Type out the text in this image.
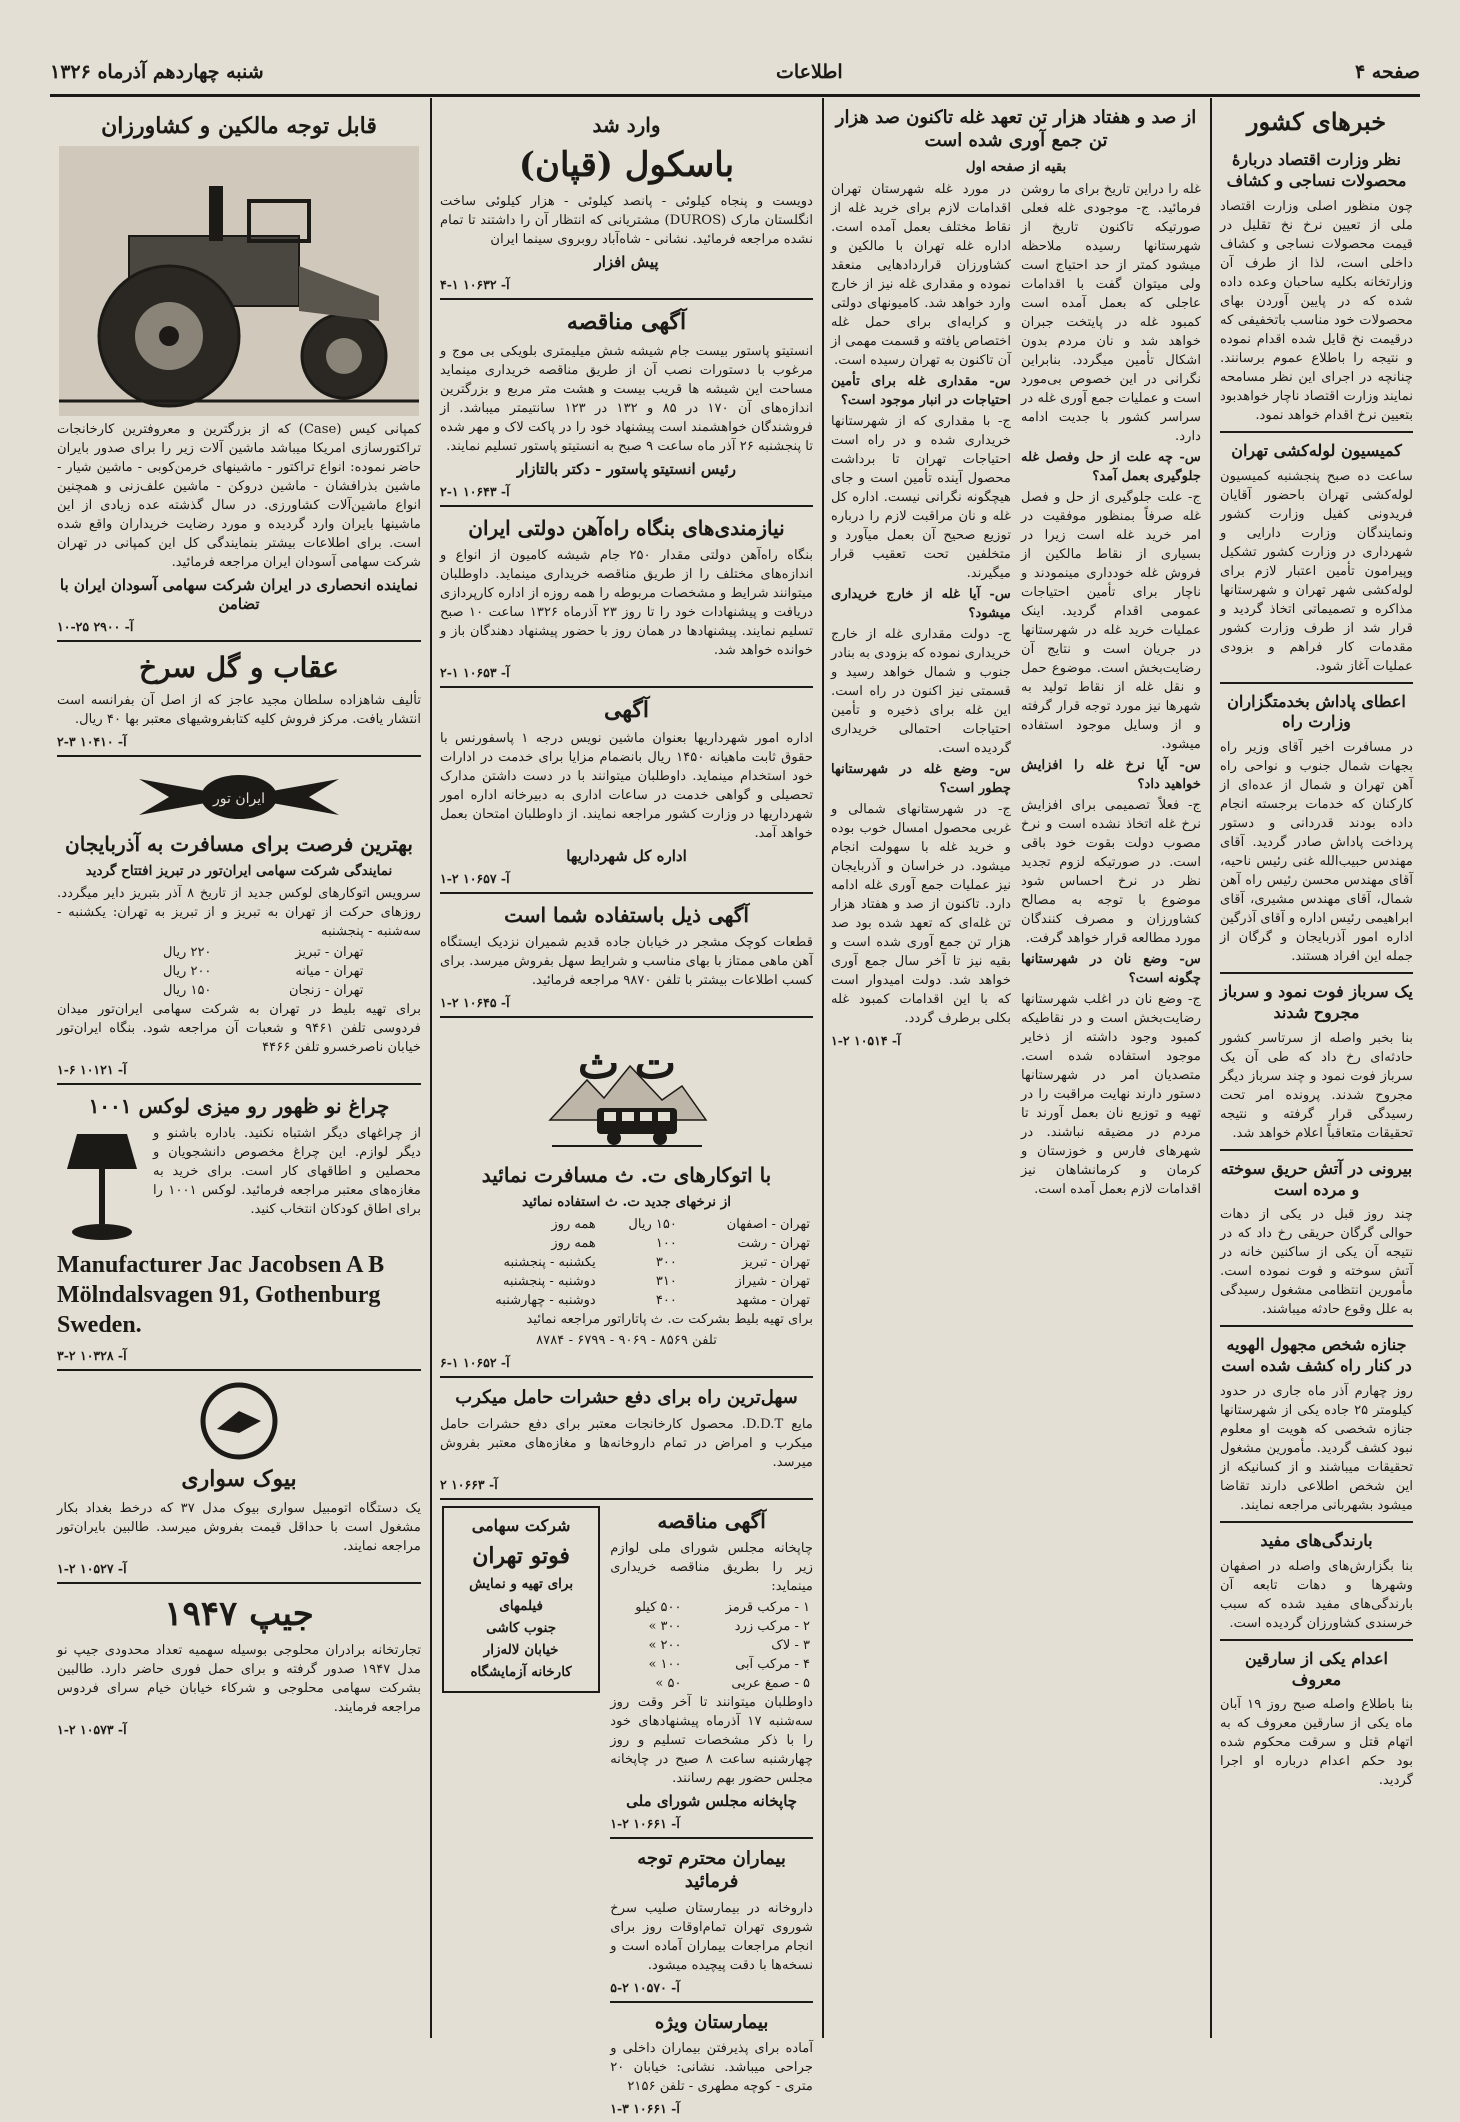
صفحه ۴
اطلاعات
شنبه چهاردهم آذرماه ۱۳۲۶
خبرهای کشور
نظر وزارت اقتصاد دربارهٔ محصولات نساجی و کشاف

چون منظور اصلی وزارت اقتصاد ملی از تعیین نرخ نخ تقلیل در قیمت محصولات نساجی و کشاف داخلی است، لذا از طرف آن وزارتخانه بکلیه ساحبان وعده داده شده که در پایین آوردن بهای محصولات خود مناسب باتخفیفی که درقیمت نخ قایل شده اقدام نموده و نتیجه را باطلاع عموم برسانند. چنانچه در اجرای این نظر مسامحه نمایند وزارت اقتصاد ناچار خواهدبود بتعیین نرخ اقدام خواهد نمود.

کمیسیون لوله‌کشی تهران

ساعت ده صبح پنجشنبه کمیسیون لوله‌کشی تهران باحضور آقایان فریدونی کفیل وزارت کشور ونمایندگان وزارت دارایی و شهرداری در وزارت کشور تشکیل وپیرامون تأمین اعتبار لازم برای لوله‌کشی شهر تهران و شهرستانها مذاکره و تصمیماتی اتخاذ گردید و قرار شد از طرف وزارت کشور مقدمات کار فراهم و بزودی عملیات آغاز شود.

اعطای پاداش بخدمتگزاران وزارت راه

در مسافرت اخیر آقای وزیر راه بجهات شمال جنوب و نواحی راه آهن تهران و شمال از عده‌ای از کارکنان که خدمات برجسته انجام داده بودند قدردانی و دستور پرداخت پاداش صادر گردید. آقای مهندس حبیب‌الله غنی رئیس ناحیه، آقای مهندس محسن رئیس راه آهن شمال، آقای مهندس مشیری، آقای ابراهیمی رئیس اداره و آقای آذرگین اداره امور آذربایجان و گرگان از جمله این افراد هستند.

یک سرباز فوت نمود و سرباز مجروح شدند

بنا بخبر واصله از سرتاسر کشور حادثه‌ای رخ داد که طی آن یک سرباز فوت نمود و چند سرباز دیگر مجروح شدند. پرونده امر تحت رسیدگی قرار گرفته و نتیجه تحقیقات متعاقباً اعلام خواهد شد.

بیرونی در آتش حریق سوخته و مرده است

چند روز قبل در یکی از دهات حوالی گرگان حریقی رخ داد که در نتیجه آن یکی از ساکنین خانه در آتش سوخته و فوت نموده است. مأمورین انتظامی مشغول رسیدگی به علل وقوع حادثه میباشند.

جنازه شخص مجهول الهویه در کنار راه کشف شده است

روز چهارم آذر ماه جاری در حدود کیلومتر ۲۵ جاده یکی از شهرستانها جنازه شخصی که هویت او معلوم نبود کشف گردید. مأمورین مشغول تحقیقات میباشند و از کسانیکه از این شخص اطلاعی دارند تقاضا میشود بشهربانی مراجعه نمایند.

بارندگی‌های مفید

بنا بگزارش‌های واصله در اصفهان وشهرها و دهات تابعه آن بارندگی‌های مفید شده که سبب خرسندی کشاورزان گردیده است.

اعدام یکی از سارقین معروف

بنا باطلاع واصله صبح روز ۱۹ آبان ماه یکی از سارقین معروف که به اتهام قتل و سرقت محکوم شده بود حکم اعدام درباره او اجرا گردید.

از صد و هفتاد هزار تن تعهد غله تاکنون صد هزار تن جمع آوری شده است
بقیه از صفحه اول

غله را دراین تاریخ برای ما روشن فرمائید. ج- موجودی غله فعلی صورتیکه تاکنون تاریخ از شهرستانها رسیده ملاحظه میشود کمتر از حد احتیاج است ولی میتوان گفت با اقدامات عاجلی که بعمل آمده است کمبود غله در پایتخت جبران خواهد شد و نان مردم بدون اشکال تأمین میگردد. بنابراین نگرانی در این خصوص بی‌مورد است و عملیات جمع آوری غله در سراسر کشور با جدیت ادامه دارد.

س- چه علت از حل وفصل غله جلوگیری بعمل آمد؟

ج- علت جلوگیری از حل و فصل غله صرفاً بمنظور موفقیت در امر خرید غله است زیرا در بسیاری از نقاط مالکین از فروش غله خودداری مینمودند و ناچار برای تأمین احتیاجات عمومی اقدام گردید. اینک عملیات خرید غله در شهرستانها در جریان است و نتایج آن رضایت‌بخش است. موضوع حمل و نقل غله از نقاط تولید به شهرها نیز مورد توجه قرار گرفته و از وسایل موجود استفاده میشود.

س- آیا نرخ غله را افزایش خواهید داد؟

ج- فعلاً تصمیمی برای افزایش نرخ غله اتخاذ نشده است و نرخ مصوب دولت بقوت خود باقی است. در صورتیکه لزوم تجدید نظر در نرخ احساس شود موضوع با توجه به مصالح کشاورزان و مصرف کنندگان مورد مطالعه قرار خواهد گرفت.

س- وضع نان در شهرستانها چگونه است؟

ج- وضع نان در اغلب شهرستانها رضایت‌بخش است و در نقاطیکه کمبود وجود داشته از ذخایر موجود استفاده شده است. متصدیان امر در شهرستانها دستور دارند نهایت مراقبت را در تهیه و توزیع نان بعمل آورند تا مردم در مضیقه نباشند. در شهرهای فارس و خوزستان و کرمان و کرمانشاهان نیز اقدامات لازم بعمل آمده است.

در مورد غله شهرستان تهران اقدامات لازم برای خرید غله از نقاط مختلف بعمل آمده است. اداره غله تهران با مالکین و کشاورزان قراردادهایی منعقد نموده و مقداری غله نیز از خارج وارد خواهد شد. کامیونهای دولتی و کرایه‌ای برای حمل غله اختصاص یافته و قسمت مهمی از آن تاکنون به تهران رسیده است.

س- مقداری غله برای تأمین احتیاجات در انبار موجود است؟

ج- با مقداری که از شهرستانها خریداری شده و در راه است احتیاجات تهران تا برداشت محصول آینده تأمین است و جای هیچگونه نگرانی نیست. اداره کل غله و نان مراقبت لازم را درباره توزیع صحیح آن بعمل میآورد و متخلفین تحت تعقیب قرار میگیرند.

س- آیا غله از خارج خریداری میشود؟

ج- دولت مقداری غله از خارج خریداری نموده که بزودی به بنادر جنوب و شمال خواهد رسید و قسمتی نیز اکنون در راه است. این غله برای ذخیره و تأمین احتیاجات احتمالی خریداری گردیده است.

س- وضع غله در شهرستانها چطور است؟

ج- در شهرستانهای شمالی و غربی محصول امسال خوب بوده و خرید غله با سهولت انجام میشود. در خراسان و آذربایجان نیز عملیات جمع آوری غله ادامه دارد. تاکنون از صد و هفتاد هزار تن غله‌ای که تعهد شده بود صد هزار تن جمع آوری شده است و بقیه نیز تا آخر سال جمع آوری خواهد شد. دولت امیدوار است که با این اقدامات کمبود غله بکلی برطرف گردد.

آ- ۱۰۵۱۴ ۲-۱
وارد شد
باسکول (قپان)

دویست و پنجاه کیلوئی - پانصد کیلوئی - هزار کیلوئی ساخت انگلستان مارک (DUROS) مشتریانی که انتظار آن را داشتند تا تمام نشده مراجعه فرمائید. نشانی - شاه‌آباد روبروی سینما ایران

پیش افزار
آ- ۱۰۶۳۲ ۱-۴
آگهی مناقصه

انستیتو پاستور بیست جام شیشه شش میلیمتری بلویکی بی موج و مرغوب با دستورات نصب آن از طریق مناقصه خریداری مینماید مساحت این شیشه ها قریب بیست و هشت متر مربع و بزرگترین اندازه‌های آن ۱۷۰ در ۸۵ و ۱۳۲ در ۱۲۳ سانتیمتر میباشد. از فروشندگان خواهشمند است پیشنهاد خود را در پاکت لاک و مهر شده تا پنجشنبه ۲۶ آذر ماه ساعت ۹ صبح به انستیتو پاستور تسلیم نمایند.

رئیس انستیتو پاستور - دکتر بالتازار
آ- ۱۰۶۴۳ ۱-۲
نیازمندی‌های بنگاه راه‌آهن دولتی ایران

بنگاه راه‌آهن دولتی مقدار ۲۵۰ جام شیشه کامیون از انواع و اندازه‌های مختلف را از طریق مناقصه خریداری مینماید. داوطلبان میتوانند شرایط و مشخصات مربوطه را همه روزه از اداره کارپردازی دریافت و پیشنهادات خود را تا روز ۲۳ آذرماه ۱۳۲۶ ساعت ۱۰ صبح تسلیم نمایند. پیشنهادها در همان روز با حضور پیشنهاد دهندگان باز و خوانده خواهد شد.

آ- ۱۰۶۵۳ ۱-۲
آگهی

اداره امور شهرداریها بعنوان ماشین نویس درجه ۱ پاسفورنس با حقوق ثابت ماهیانه ۱۴۵۰ ریال بانضمام مزایا برای خدمت در ادارات خود استخدام مینماید. داوطلبان میتوانند با در دست داشتن مدارک تحصیلی و گواهی خدمت در ساعات اداری به دبیرخانه اداره امور شهرداریها در وزارت کشور مراجعه نمایند. از داوطلبان امتحان بعمل خواهد آمد.

اداره کل شهرداریها
آ- ۱۰۶۵۷ ۲-۱
آگهی ذیل باستفاده شما است

قطعات کوچک مشجر در خیابان جاده قدیم شمیران نزدیک ایستگاه آهن ماهی ممتاز با بهای مناسب و شرایط سهل بفروش میرسد. برای کسب اطلاعات بیشتر با تلفن ۹۸۷۰ مراجعه فرمائید.

آ- ۱۰۶۴۵ ۲-۱
ت ث
با اتوکارهای ت. ث مسافرت نمائید
از نرخهای جدید ت. ث استفاده نمائید
تهران - اصفهان	۱۵۰ ریال	همه روز
تهران - رشت	۱۰۰	همه روز
تهران - تبریز	۳۰۰	یکشنبه - پنجشنبه
تهران - شیراز	۳۱۰	دوشنبه - پنجشنبه
تهران - مشهد	۴۰۰	دوشنبه - چهارشنبه

برای تهیه بلیط بشرکت ت. ث پاتاراتور مراجعه نمائید

تلفن ۸۵۶۹ - ۹۰۶۹ - ۶۷۹۹ - ۸۷۸۴

آ- ۱۰۶۵۲ ۱-۶
سهل‌ترین راه برای دفع حشرات حامل میکرب

مایع D.D.T. محصول کارخانجات معتبر برای دفع حشرات حامل میکرب و امراض در تمام داروخانه‌ها و مغازه‌های معتبر بفروش میرسد.

آ- ۱۰۶۶۳ ۲
آگهی مناقصه

چاپخانه مجلس شورای ملی لوازم زیر را بطریق مناقصه خریداری مینماید:

۱ - مرکب قرمز	۵۰۰ کیلو
۲ - مرکب زرد	۳۰۰ »
۳ - لاک	۲۰۰ »
۴ - مرکب آبی	۱۰۰ »
۵ - صمغ عربی	۵۰ »

داوطلبان میتوانند تا آخر وقت روز سه‌شنبه ۱۷ آذرماه پیشنهادهای خود را با ذکر مشخصات تسلیم و روز چهارشنبه ساعت ۸ صبح در چاپخانه مجلس حضور بهم رسانند.

چاپخانه مجلس شورای ملی
آ- ۱۰۶۶۱ ۲-۱
بیماران محترم توجه فرمائید

داروخانه در بیمارستان صلیب سرخ شوروی تهران تمام‌اوقات روز برای انجام مراجعات بیماران آماده است و نسخه‌ها با دقت پیچیده میشود.

آ- ۱۰۵۷۰ ۲-۵
بیمارستان ویژه

آماده برای پذیرفتن بیماران داخلی و جراحی میباشد. نشانی: خیابان ۲۰ متری - کوچه مطهری - تلفن ۲۱۵۶

آ- ۱۰۶۶۱ ۳-۱
شرکت سهامی
فوتو تهران
برای تهیه و نمایش
فیلمهای
جنوب کاشی
خیابان لاله‌زار
کارخانه آزمایشگاه
قابل توجه مالکین و کشاورزان

کمپانی کیس (Case) که از بزرگترین و معروفترین کارخانجات تراکتورسازی امریکا میباشد ماشین آلات زیر را برای صدور بایران حاضر نموده: انواع تراکتور - ماشینهای خرمن‌کوبی - ماشین شیار - ماشین بذرافشان - ماشین دروکن - ماشین علف‌زنی و همچنین انواع ماشین‌آلات کشاورزی. در سال گذشته عده زیادی از این ماشینها بایران وارد گردیده و مورد رضایت خریداران واقع شده است. برای اطلاعات بیشتر بنمایندگی کل این کمپانی در تهران شرکت سهامی آسودان ایران مراجعه فرمائید.

نماینده انحصاری در ایران شرکت سهامی آسودان ایران با تضامن
آ- ۲۹۰۰ ۲۵-۱۰
عقاب و گل سرخ

تألیف شاهزاده سلطان مجید عاجز که از اصل آن بفرانسه است انتشار یافت. مرکز فروش کلیه کتابفروشیهای معتبر بها ۴۰ ریال.

آ- ۱۰۴۱۰ ۳-۲
ایران تور
بهترین فرصت برای مسافرت به آذربایجان
نمایندگی شرکت سهامی ایران‌تور در تبریز افتتاح گردید

سرویس اتوکارهای لوکس جدید از تاریخ ۸ آذر بتبریز دایر میگردد. روزهای حرکت از تهران به تبریز و از تبریز به تهران: یکشنبه - سه‌شنبه - پنجشنبه

تهران - تبریز	۲۲۰ ریال
تهران - میانه	۲۰۰ ریال
تهران - زنجان	۱۵۰ ریال

برای تهیه بلیط در تهران به شرکت سهامی ایران‌تور میدان فردوسی تلفن ۹۴۶۱ و شعبات آن مراجعه شود. بنگاه ایران‌تور خیابان ناصرخسرو تلفن ۴۴۶۶

آ- ۱۰۱۲۱ ۶-۱
چراغ نو ظهور رو میزی لوکس ۱۰۰۱

از چراغهای دیگر اشتباه نکنید. باداره باشنو و دیگر لوازم. این چراغ مخصوص دانشجویان و محصلین و اطاقهای کار است. برای خرید به مغازه‌های معتبر مراجعه فرمائید. لوکس ۱۰۰۱ را برای اطاق کودکان انتخاب کنید.

Manufacturer Jac Jacobsen A B
Mölndalsvagen 91, Gothenburg
Sweden.
آ- ۱۰۳۲۸ ۲-۳
بیوک سواری

یک دستگاه اتومبیل سواری بیوک مدل ۳۷ که درخط بغداد بکار مشغول است با حداقل قیمت بفروش میرسد. طالبین بایران‌تور مراجعه نمایند.

آ- ۱۰۵۲۷ ۲-۱
جیپ ۱۹۴۷

تجارتخانه برادران محلوجی بوسیله سهمیه تعداد محدودی جیپ نو مدل ۱۹۴۷ صدور گرفته و برای حمل فوری حاضر دارد. طالبین بشرکت سهامی محلوجی و شرکاء خیابان خیام سرای فردوس مراجعه فرمایند.

آ- ۱۰۵۷۳ ۲-۱
